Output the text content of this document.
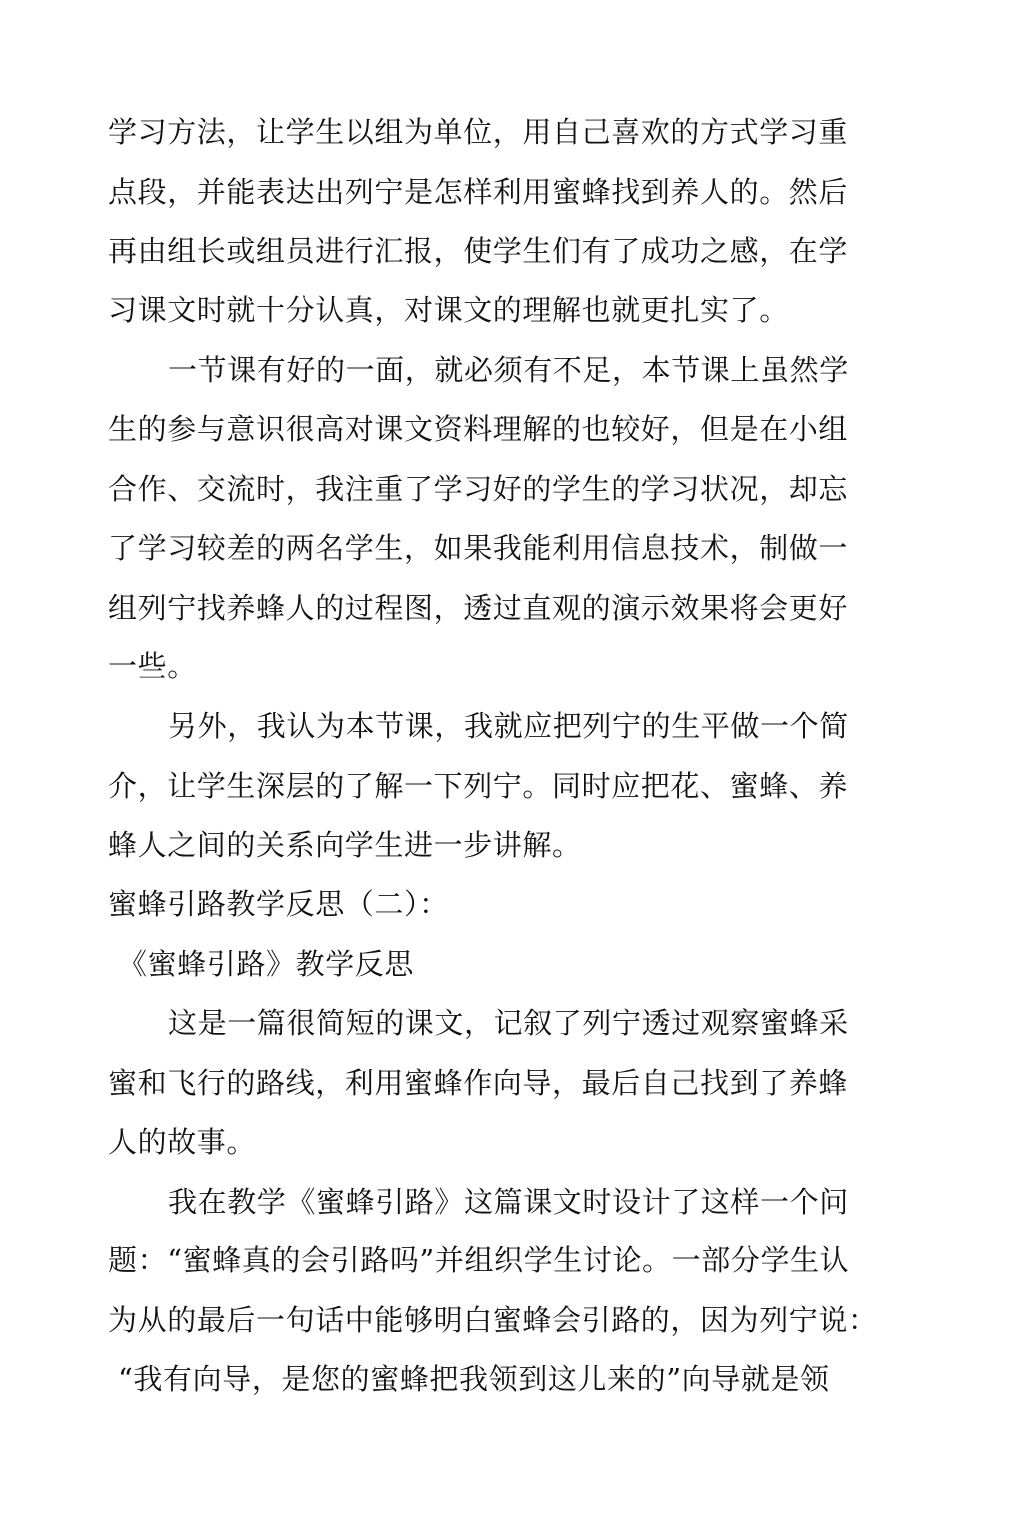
学习方法，让学生以组为单位，用自己喜欢的方式学习重
点段，并能表达出列宁是怎样利用蜜蜂找到养人的。然后
再由组长或组员进行汇报，使学生们有了成功之感，在学
习课文时就十分认真，对课文的理解也就更扎实了。
一节课有好的一面，就必须有不足，本节课上虽然学
生的参与意识很高对课文资料理解的也较好，但是在小组
合作、交流时，我注重了学习好的学生的学习状况，却忘
了学习较差的两名学生，如果我能利用信息技术，制做一
组列宁找养蜂人的过程图，透过直观的演示效果将会更好
一些。
另外，我认为本节课，我就应把列宁的生平做一个简
介，让学生深层的了解一下列宁。同时应把花、蜜蜂、养
蜂人之间的关系向学生进一步讲解。
蜜蜂引路教学反思（二）：
《蜜蜂引路》教学反思
这是一篇很简短的课文，记叙了列宁透过观察蜜蜂采
蜜和飞行的路线，利用蜜蜂作向导，最后自己找到了养蜂
人的故事。
我在教学《蜜蜂引路》这篇课文时设计了这样一个问
题：“蜜蜂真的会引路吗”并组织学生讨论。一部分学生认
为从的最后一句话中能够明白蜜蜂会引路的，因为列宁说：
“我有向导，是您的蜜蜂把我领到这儿来的”向导就是领
